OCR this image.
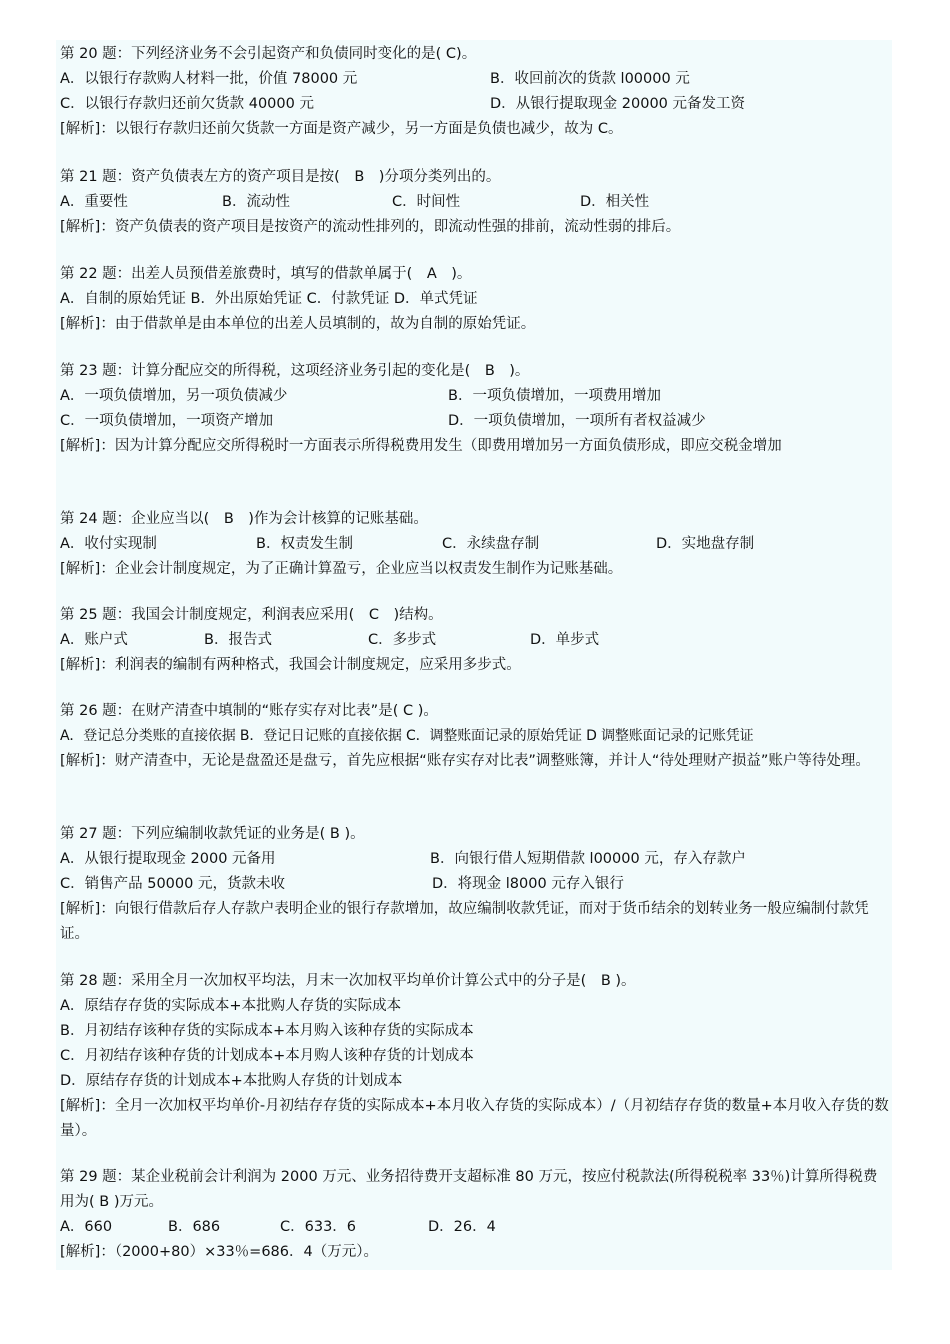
第 20 题：下列经济业务不会引起资产和负债同时变化的是( C)。
A．以银行存款购人材料一批，价值 78000 元	B．收回前次的货款 l00000 元
C．以银行存款归还前欠货款 40000 元	D．从银行提取现金 20000 元备发工资
[解析]：以银行存款归还前欠货款一方面是资产减少，另一方面是负债也减少，故为 C。
第 21 题：资产负债表左方的资产项目是按(　B　)分项分类列出的。
A．重要性	B．流动性	C．时间性	D．相关性
[解析]：资产负债表的资产项目是按资产的流动性排列的，即流动性强的排前，流动性弱的排后。
第 22 题：出差人员预借差旅费时，填写的借款单属于(　A　)。
A．自制的原始凭证 B．外出原始凭证 C．付款凭证 D．单式凭证
[解析]：由于借款单是由本单位的出差人员填制的，故为自制的原始凭证。
第 23 题：计算分配应交的所得税，这项经济业务引起的变化是(　B　)。
A．一项负债增加，另一项负债减少	B．一项负债增加，一项费用增加
C．一项负债增加，一项资产增加	D．一项负债增加，一项所有者权益减少
[解析]：因为计算分配应交所得税时一方面表示所得税费用发生（即费用增加另一方面负债形成，即应交税金增加
第 24 题：企业应当以(　B　)作为会计核算的记账基础。
A．收付实现制	B．权责发生制	C．永续盘存制	D．实地盘存制
[解析]：企业会计制度规定，为了正确计算盈亏，企业应当以权责发生制作为记账基础。
第 25 题：我国会计制度规定，利润表应采用(　C　)结构。
A．账户式	B．报告式	C．多步式	D．单步式
[解析]：利润表的编制有两种格式，我国会计制度规定，应采用多步式。
第 26 题：在财产清查中填制的“账存实存对比表”是( C )。
A．登记总分类账的直接依据 B．登记日记账的直接依据 C．调整账面记录的原始凭证 D 调整账面记录的记账凭证
[解析]：财产清查中，无论是盘盈还是盘亏，首先应根据“账存实存对比表”调整账簿，并计人“待处理财产损益”账户等待处理。
第 27 题：下列应编制收款凭证的业务是( B )。
A．从银行提取现金 2000 元备用	B．向银行借人短期借款 l00000 元，存入存款户
C．销售产品 50000 元，货款未收	D．将现金 l8000 元存入银行
[解析]：向银行借款后存人存款户表明企业的银行存款增加，故应编制收款凭证，而对于货币结余的划转业务一般应编制付款凭证。
第 28 题：采用全月一次加权平均法，月末一次加权平均单价计算公式中的分子是(　B )。
A．原结存存货的实际成本+本批购人存货的实际成本
B．月初结存该种存货的实际成本+本月购入该种存货的实际成本
C．月初结存该种存货的计划成本+本月购人该种存货的计划成本
D．原结存存货的计划成本+本批购人存货的计划成本
[解析]：全月一次加权平均单价-月初结存存货的实际成本+本月收入存货的实际成本）/（月初结存存货的数量+本月收入存货的数量）。
第 29 题：某企业税前会计利润为 2000 万元、业务招待费开支超标准 80 万元，按应付税款法(所得税税率 33％)计算所得税费用为( B )万元。
A．660	B．686	C．633．6	D．26．4
[解析]：（2000+80）×33％=686．4（万元）。
